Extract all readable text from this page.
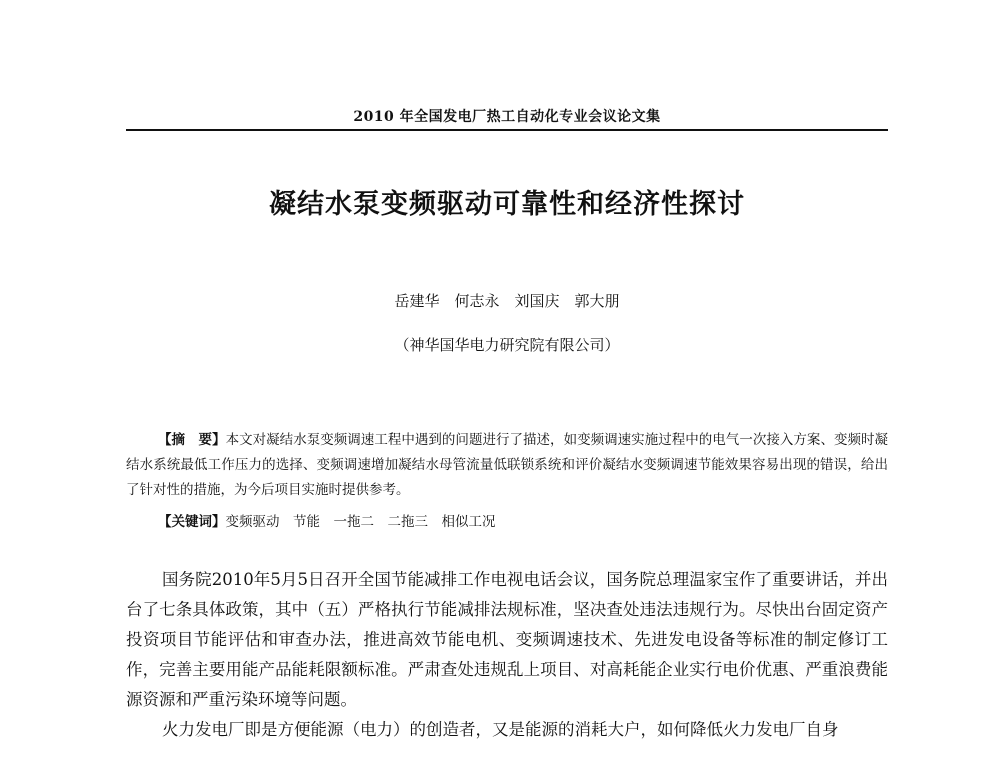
2010 年全国发电厂热工自动化专业会议论文集
凝结水泵变频驱动可靠性和经济性探讨
岳建华　何志永　刘国庆　郭大朋
（神华国华电力研究院有限公司）
【摘　要】本文对凝结水泵变频调速工程中遇到的问题进行了描述，如变频调速实施过程中的电气一次接入方案、变频时凝结水系统最低工作压力的选择、变频调速增加凝结水母管流量低联锁系统和评价凝结水变频调速节能效果容易出现的错误，给出了针对性的措施，为今后项目实施时提供参考。
【关键词】变频驱动　节能　一拖二　二拖三　相似工况

国务院2010年5月5日召开全国节能减排工作电视电话会议，国务院总理温家宝作了重要讲话，并出台了七条具体政策，其中（五）严格执行节能减排法规标准，坚决查处违法违规行为。尽快出台固定资产投资项目节能评估和审查办法，推进高效节能电机、变频调速技术、先进发电设备等标准的制定修订工作，完善主要用能产品能耗限额标准。严肃查处违规乱上项目、对高耗能企业实行电价优惠、严重浪费能源资源和严重污染环境等问题。

火力发电厂即是方便能源（电力）的创造者，又是能源的消耗大户，如何降低火力发电厂自身
